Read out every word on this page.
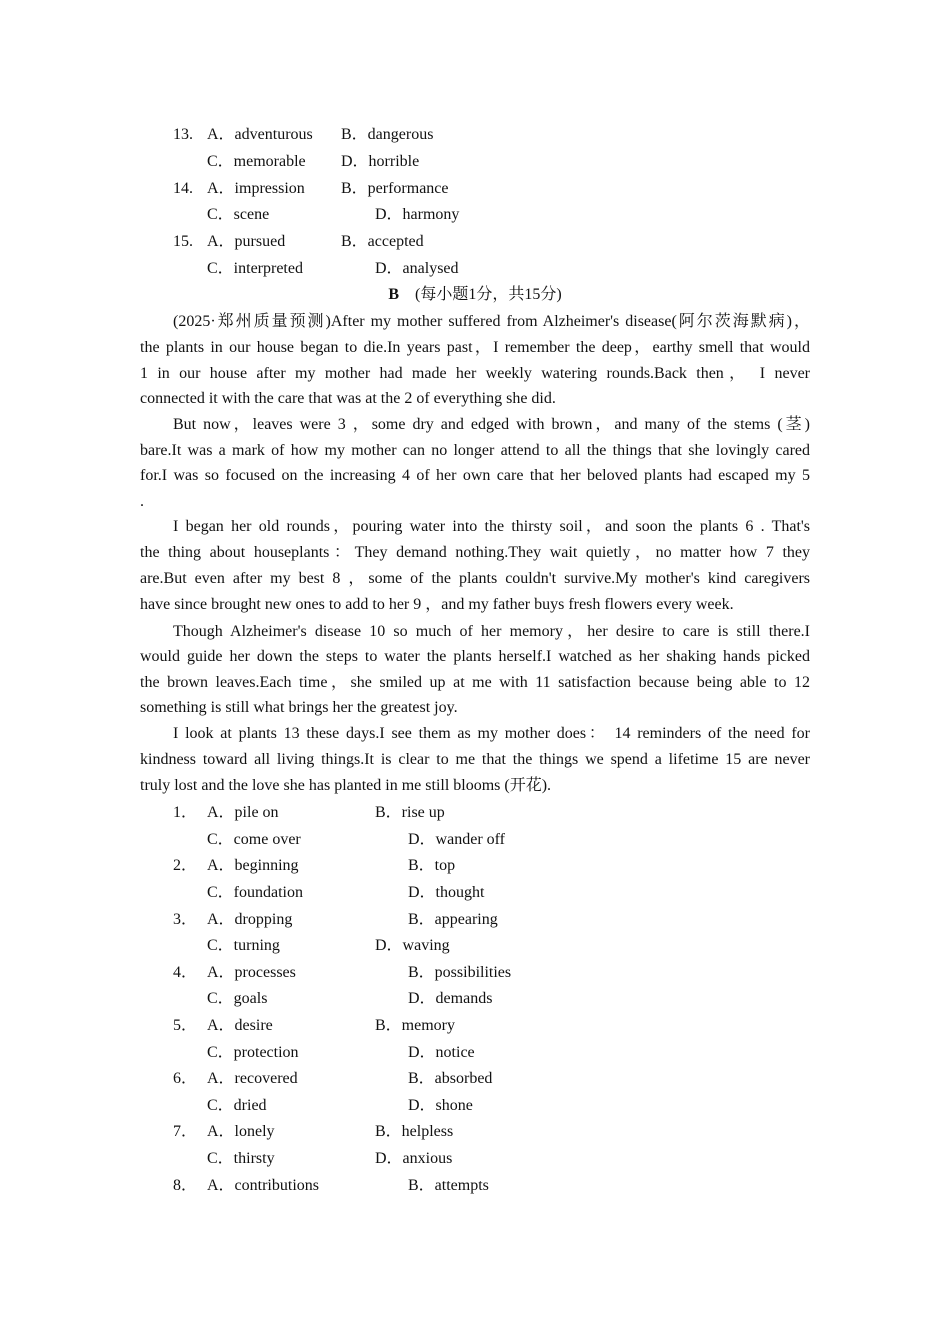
13. A．adventurous B．dangerous
C．memorable D．horrible
14. A．impression B．performance
C．scene	D．harmony
15. A．pursued	B．accepted
C．interpreted	D．analysed
B (每小题1分，共15分)
(2025·郑州质量预测)After my mother suffered from Alzheimer's disease(阿尔茨海默病)，
the plants in our house began to die.In years past，I remember the deep，earthy smell that would
1 in our house after my mother had made her weekly watering rounds.Back then， I never
connected it with the care that was at the 2 of everything she did.
But now，leaves were 3 ，some dry and edged with brown，and many of the stems (茎)
bare.It was a mark of how my mother can no longer attend to all the things that she lovingly cared
for.I was so focused on the increasing 4 of her own care that her beloved plants had escaped my 5
.
I began her old rounds，pouring water into the thirsty soil，and soon the plants 6 . That's
the thing about houseplants：They demand nothing.They wait quietly，no matter how 7 they
are.But even after my best 8 ，some of the plants couldn't survive.My mother's kind caregivers
have since brought new ones to add to her 9 ，and my father buys fresh flowers every week.
Though Alzheimer's disease 10 so much of her memory，her desire to care is still there.I
would guide her down the steps to water the plants herself.I watched as her shaking hands picked
the brown leaves.Each time，she smiled up at me with 11 satisfaction because being able to 12
something is still what brings her the greatest joy.
I look at plants 13 these days.I see them as my mother does： 14 reminders of the need for
kindness toward all living things.It is clear to me that the things we spend a lifetime 15 are never
truly lost and the love she has planted in me still blooms (开花).
1． A．pile on	B．rise up
C．come over	D．wander off
2． A．beginning	B．top
C．foundation	D．thought
3． A．dropping	B．appearing
C．turning	D．waving
4． A．processes	B．possibilities
C．goals	D．demands
5． A．desire	B．memory
C．protection	D．notice
6． A．recovered	B．absorbed
C．dried	D．shone
7． A．lonely	B．helpless
C．thirsty	D．anxious
8． A．contributions	B．attempts
